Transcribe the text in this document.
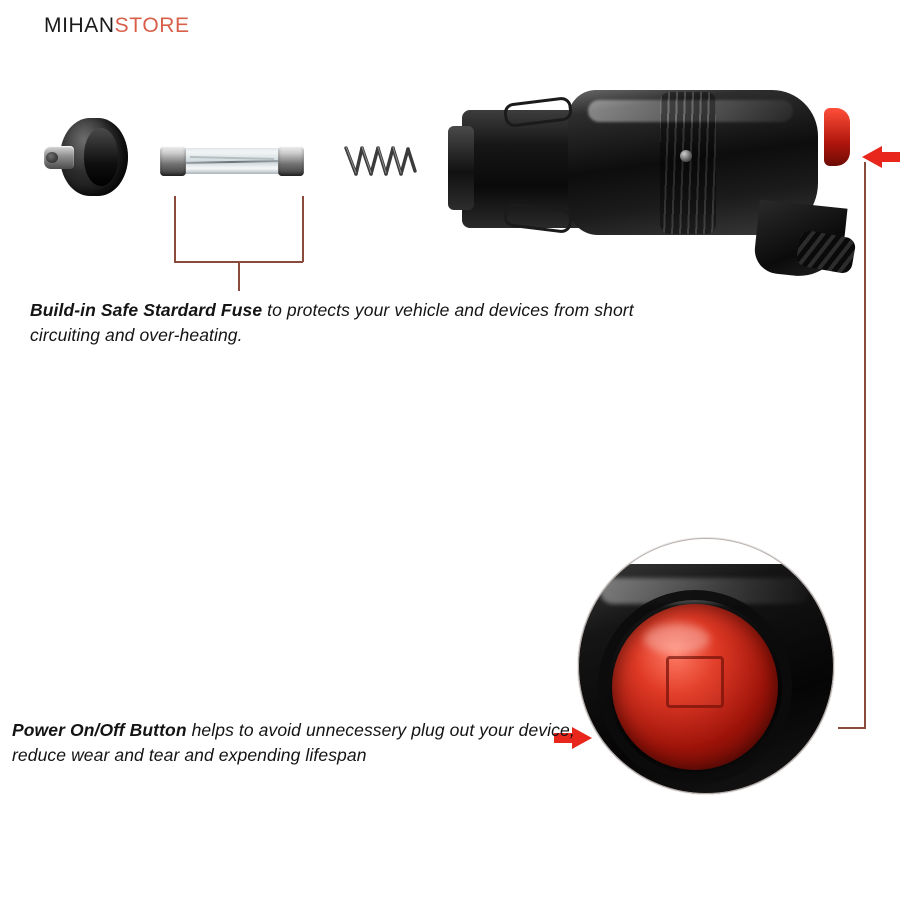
MIHANSTORE
Build-in Safe Stardard Fuse to protects your vehicle and devices from short circuiting and over-heating.
Power On/Off Button helps to avoid unnecessery plug out your device, reduce wear and tear and expending lifespan
